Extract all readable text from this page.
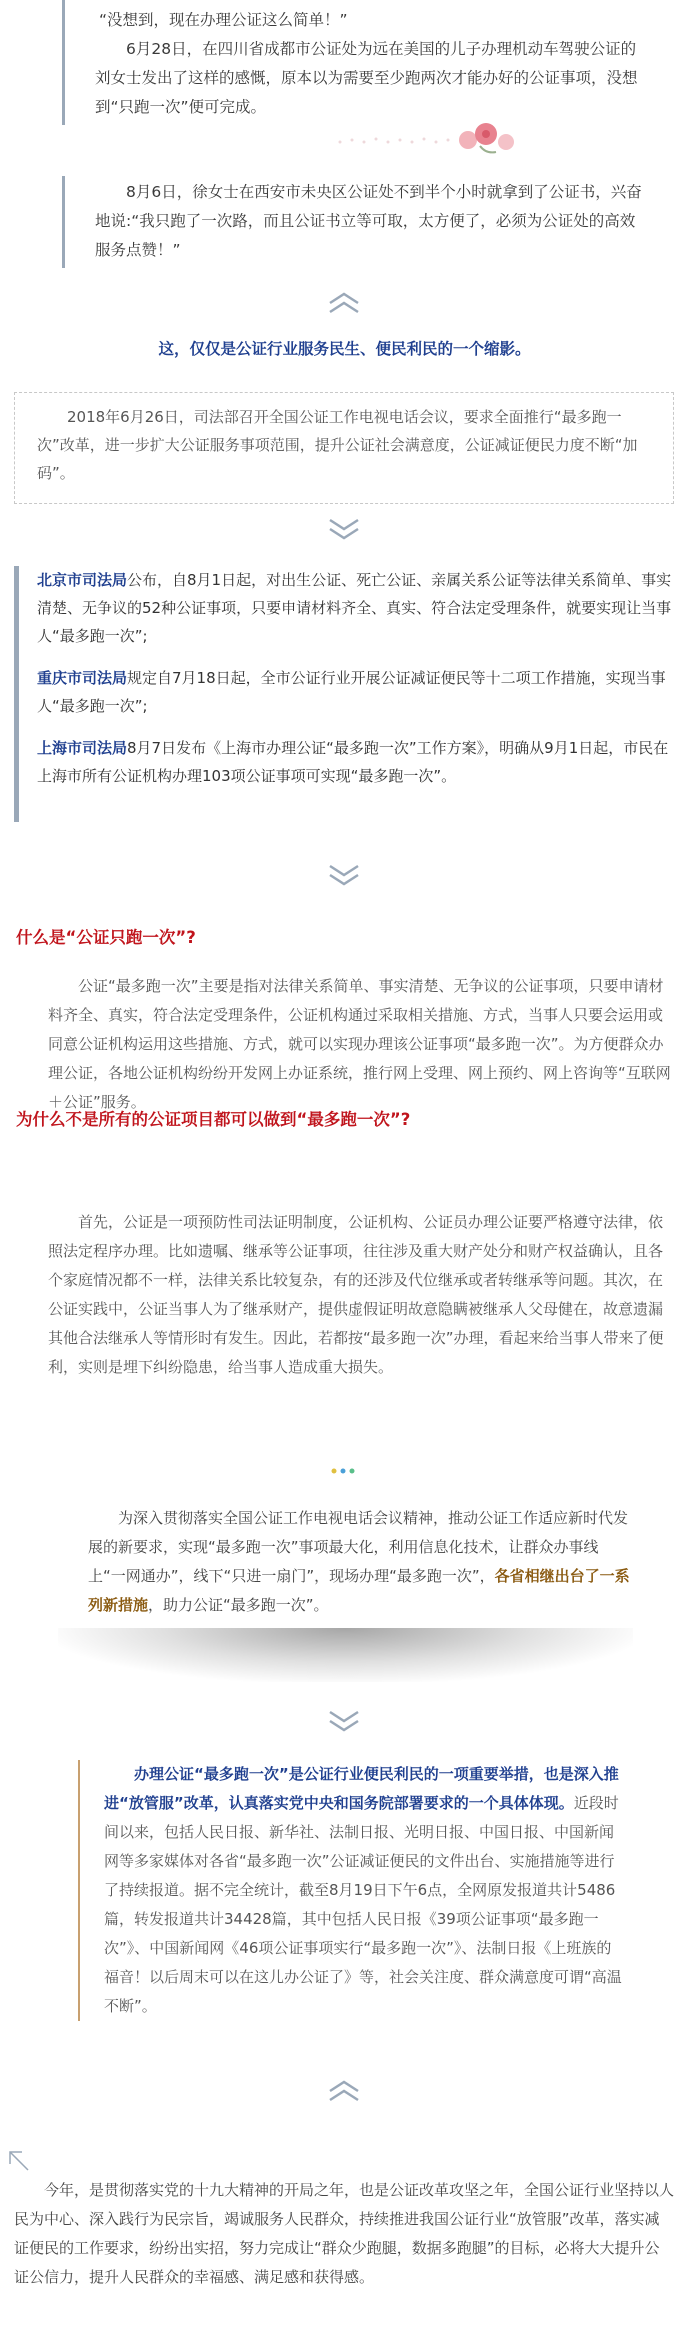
“没想到，现在办理公证这么简单！”

6月28日，在四川省成都市公证处为远在美国的儿子办理机动车驾驶公证的刘女士发出了这样的感慨，原本以为需要至少跑两次才能办好的公证事项，没想到“只跑一次”便可完成。

8月6日，徐女士在西安市未央区公证处不到半个小时就拿到了公证书，兴奋地说:“我只跑了一次路，而且公证书立等可取，太方便了，必须为公证处的高效服务点赞！”

这，仅仅是公证行业服务民生、便民利民的一个缩影。

2018年6月26日，司法部召开全国公证工作电视电话会议，要求全面推行“最多跑一次”改革，进一步扩大公证服务事项范围，提升公证社会满意度，公证减证便民力度不断“加码”。

北京市司法局公布，自8月1日起，对出生公证、死亡公证、亲属关系公证等法律关系简单、事实清楚、无争议的52种公证事项，只要申请材料齐全、真实、符合法定受理条件，就要实现让当事人“最多跑一次”;

重庆市司法局规定自7月18日起，全市公证行业开展公证减证便民等十二项工作措施，实现当事人“最多跑一次”;

上海市司法局8月7日发布《上海市办理公证“最多跑一次”工作方案》，明确从9月1日起，市民在上海市所有公证机构办理103项公证事项可实现“最多跑一次”。

什么是“公证只跑一次”?

公证“最多跑一次”主要是指对法律关系简单、事实清楚、无争议的公证事项，只要申请材料齐全、真实，符合法定受理条件，公证机构通过采取相关措施、方式，当事人只要会运用或同意公证机构运用这些措施、方式，就可以实现办理该公证事项“最多跑一次”。为方便群众办理公证，各地公证机构纷纷开发网上办证系统，推行网上受理、网上预约、网上咨询等“互联网＋公证”服务。

为什么不是所有的公证项目都可以做到“最多跑一次”?

首先，公证是一项预防性司法证明制度，公证机构、公证员办理公证要严格遵守法律，依照法定程序办理。比如遗嘱、继承等公证事项，往往涉及重大财产处分和财产权益确认，且各个家庭情况都不一样，法律关系比较复杂，有的还涉及代位继承或者转继承等问题。其次，在公证实践中，公证当事人为了继承财产，提供虚假证明故意隐瞒被继承人父母健在，故意遗漏其他合法继承人等情形时有发生。因此，若都按“最多跑一次”办理，看起来给当事人带来了便利，实则是埋下纠纷隐患，给当事人造成重大损失。

为深入贯彻落实全国公证工作电视电话会议精神，推动公证工作适应新时代发展的新要求，实现“最多跑一次”事项最大化，利用信息化技术，让群众办事线上“一网通办”，线下“只进一扇门”，现场办理“最多跑一次”，各省相继出台了一系列新措施，助力公证“最多跑一次”。

办理公证“最多跑一次”是公证行业便民利民的一项重要举措，也是深入推进“放管服”改革，认真落实党中央和国务院部署要求的一个具体体现。近段时间以来，包括人民日报、新华社、法制日报、光明日报、中国日报、中国新闻网等多家媒体对各省“最多跑一次”公证减证便民的文件出台、实施措施等进行了持续报道。据不完全统计，截至8月19日下午6点，全网原发报道共计5486篇，转发报道共计34428篇，其中包括人民日报《39项公证事项“最多跑一次”》、中国新闻网《46项公证事项实行“最多跑一次”》、法制日报《上班族的福音！以后周末可以在这儿办公证了》等，社会关注度、群众满意度可谓“高温不断”。

今年，是贯彻落实党的十九大精神的开局之年，也是公证改革攻坚之年，全国公证行业坚持以人民为中心、深入践行为民宗旨，竭诚服务人民群众，持续推进我国公证行业“放管服”改革，落实减证便民的工作要求，纷纷出实招，努力完成让“群众少跑腿，数据多跑腿”的目标，必将大大提升公证公信力，提升人民群众的幸福感、满足感和获得感。
